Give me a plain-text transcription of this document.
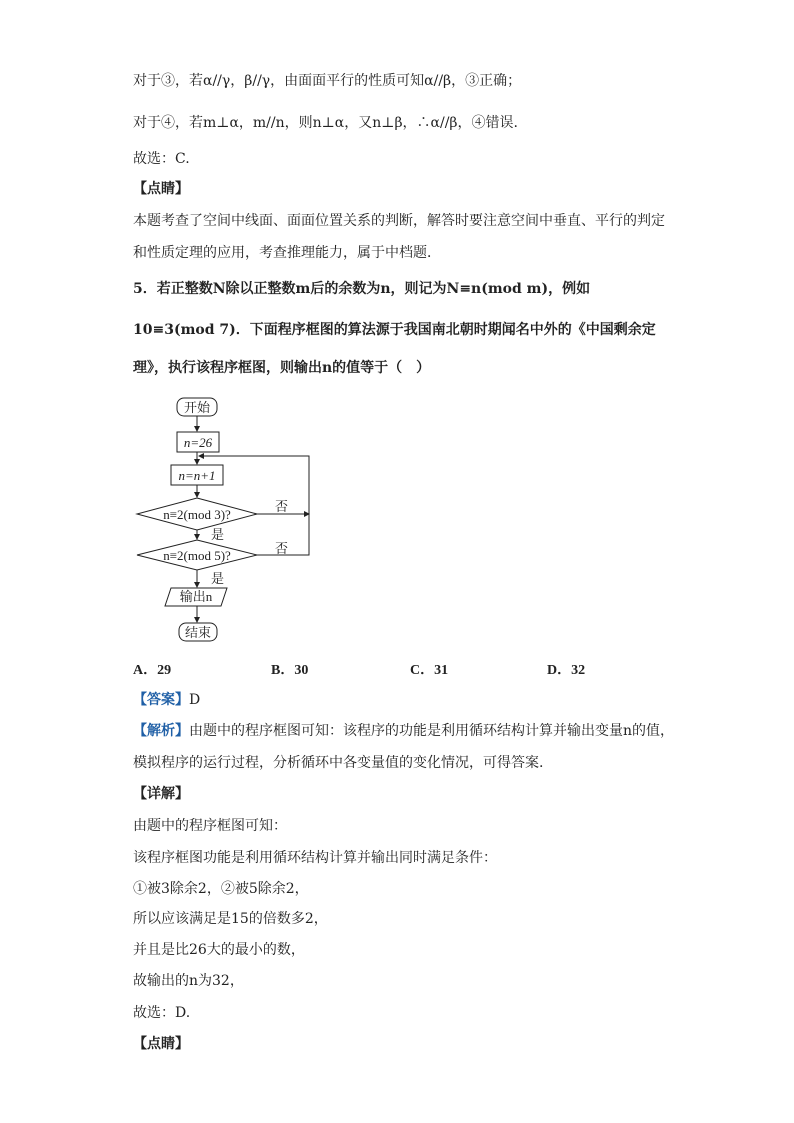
对于③，若α//γ，β//γ，由面面平行的性质可知α//β，③正确；
对于④，若m⊥α，m//n，则n⊥α，又n⊥β，∴α//β，④错误.
故选：C.
【点睛】
本题考查了空间中线面、面面位置关系的判断，解答时要注意空间中垂直、平行的判定
和性质定理的应用，考查推理能力，属于中档题．
5．若正整数N除以正整数m后的余数为n，则记为N≡n(mod m)，例如
10≡3(mod 7)．下面程序框图的算法源于我国南北朝时期闻名中外的《中国剩余定
理》，执行该程序框图，则输出n的值等于（　）
开始
n=26
n=n+1
n≡2(mod 3)?
n≡2(mod 5)?
是
是
否
否
输出n
结束
A．29	B．30	C．31	D．32
【答案】D
【解析】由题中的程序框图可知：该程序的功能是利用循环结构计算并输出变量n的值，
模拟程序的运行过程，分析循环中各变量值的变化情况，可得答案.
【详解】
由题中的程序框图可知：
该程序框图功能是利用循环结构计算并输出同时满足条件：
①被3除余2，②被5除余2，
所以应该满足是15的倍数多2，
并且是比26大的最小的数，
故输出的n为32，
故选：D.
【点睛】
